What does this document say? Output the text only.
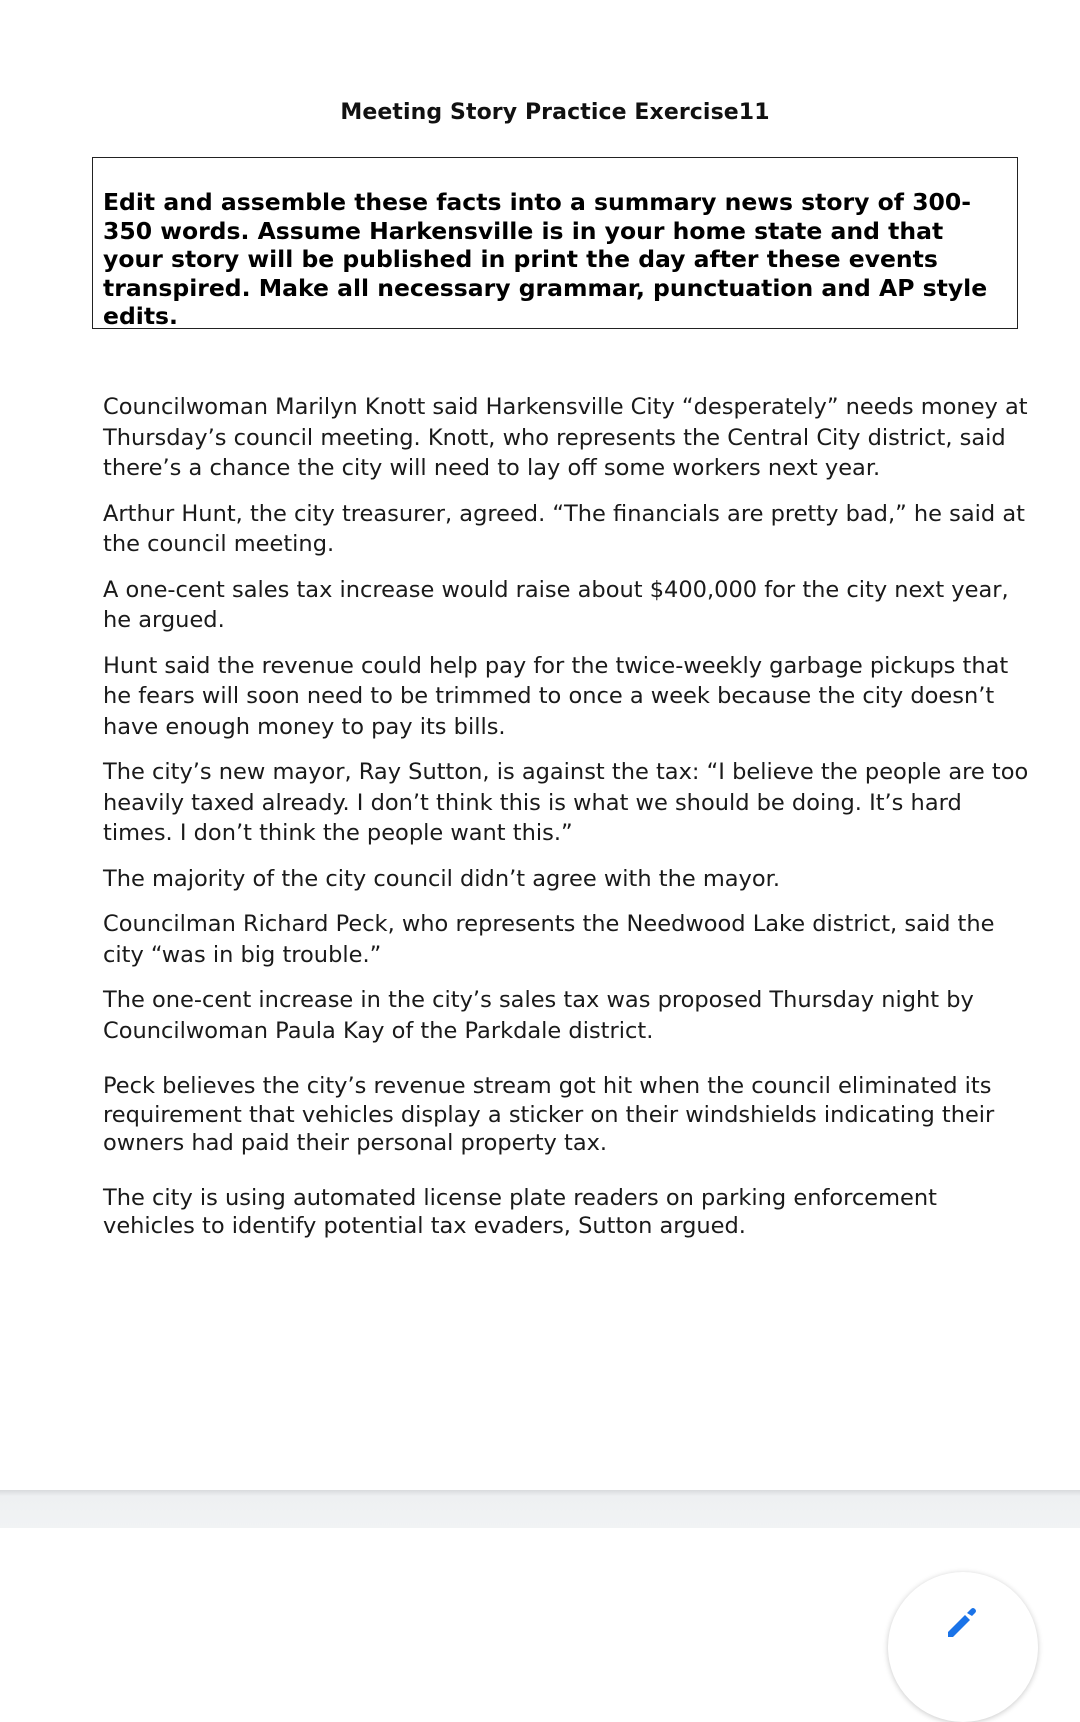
Meeting Story Practice Exercise11

Edit and assemble these facts into a summary news story of 300-350 words. Assume Harkensville is in your home state and that your story will be published in print the day after these events transpired. Make all necessary grammar, punctuation and AP style edits.

Councilwoman Marilyn Knott said Harkensville City “desperately” needs money at Thursday’s council meeting. Knott, who represents the Central City district, said there’s a chance the city will need to lay off some workers next year.

Arthur Hunt, the city treasurer, agreed. “The financials are pretty bad,” he said at the council meeting.

A one-cent sales tax increase would raise about $400,000 for the city next year, he argued.

Hunt said the revenue could help pay for the twice-weekly garbage pickups that he fears will soon need to be trimmed to once a week because the city doesn’t have enough money to pay its bills.

The city’s new mayor, Ray Sutton, is against the tax: “I believe the people are too heavily taxed already. I don’t think this is what we should be doing. It’s hard times. I don’t think the people want this.”

The majority of the city council didn’t agree with the mayor.

Councilman Richard Peck, who represents the Needwood Lake district, said the city “was in big trouble.”

The one-cent increase in the city’s sales tax was proposed Thursday night by Councilwoman Paula Kay of the Parkdale district.

Peck believes the city’s revenue stream got hit when the council eliminated its requirement that vehicles display a sticker on their windshields indicating their owners had paid their personal property tax.

The city is using automated license plate readers on parking enforcement vehicles to identify potential tax evaders, Sutton argued.
